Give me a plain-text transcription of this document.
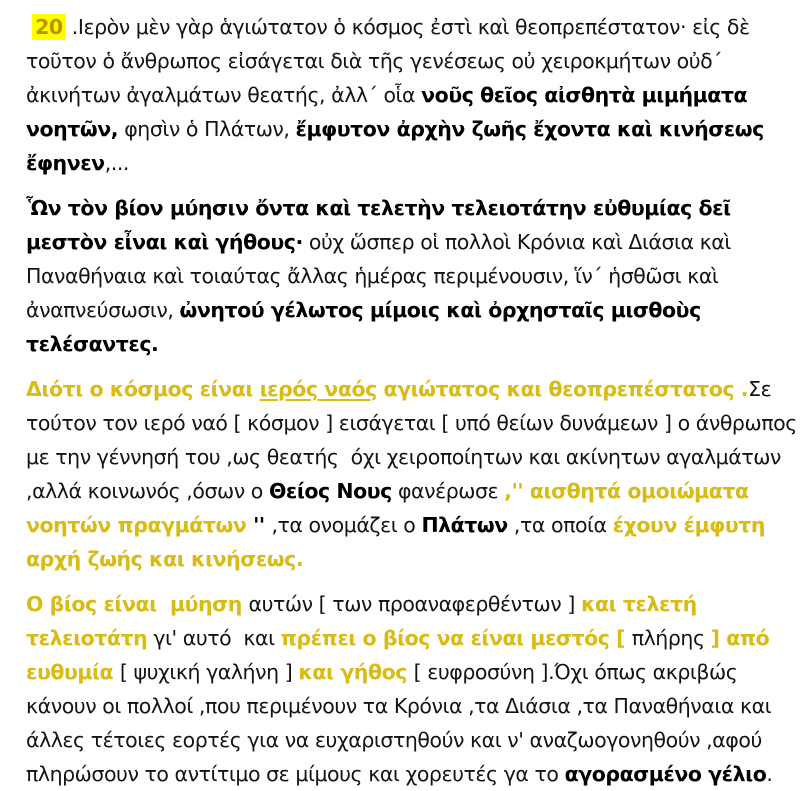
20 .Ιερὸν μὲν γὰρ ἁγιώτατον ὁ κόσμος ἐστὶ καὶ θεοπρεπέστατον· εἰς δὲ τοῦτον ὁ ἄνθρωπος εἰσάγεται διὰ τῆς γενέσεως οὐ χειροκμήτων οὐδ΄ ἀκινήτων ἀγαλμάτων θεατής, ἀλλ΄ οἷα νοῦς θεῖος αἰσθητὰ μιμήματα νοητῶν, φησὶν ὁ Πλάτων, ἔμφυτον ἀρχὴν ζωῆς ἔχοντα καὶ κινήσεως ἔφηνεν,...

Ὧν τὸν βίον μύησιν ὄντα καὶ τελετὴν τελειοτάτην εὐθυμίας δεῖ μεστὸν εἶναι καὶ γήθους· οὐχ ὥσπερ οἱ πολλοὶ Κρόνια καὶ Διάσια καὶ Παναθήναια καὶ τοιαύτας ἄλλας ἡμέρας περιμένουσιν, ἵν΄ ἡσθῶσι καὶ ἀναπνεύσωσιν, ὠνητού γέλωτος μίμοις καὶ ὀρχησταῖς μισθοὺς τελέσαντες.

Διότι ο κόσμος είναι ιερός ναός αγιώτατος και θεοπρεπέστατος .Σε τούτον τον ιερό ναό [ κόσμον ] εισάγεται [ υπό θείων δυνάμεων ] ο άνθρωπος με την γέννησή του ,ως θεατής  όχι χειροποίητων και ακίνητων αγαλμάτων ,αλλά κοινωνός ,όσων ο Θείος Νους φανέρωσε ,'' αισθητά ομοιώματα νοητών πραγμάτων '' ,τα ονομάζει ο Πλάτων ,τα οποία έχουν έμφυτη αρχή ζωής και κινήσεως.

Ο βίος είναι  μύηση αυτών [ των προαναφερθέντων ] και τελετή τελειοτάτη γι' αυτό  και πρέπει ο βίος να είναι μεστός [ πλήρης ] από ευθυμία [ ψυχική γαλήνη ] και γήθος [ ευφροσύνη ].Όχι όπως ακριβώς κάνουν οι πολλοί ,που περιμένουν τα Κρόνια ,τα Διάσια ,τα Παναθήναια και άλλες τέτοιες εορτές για να ευχαριστηθούν και ν' αναζωογονηθούν ,αφού πληρώσουν το αντίτιμο σε μίμους και χορευτές γα το αγορασμένο γέλιο.
